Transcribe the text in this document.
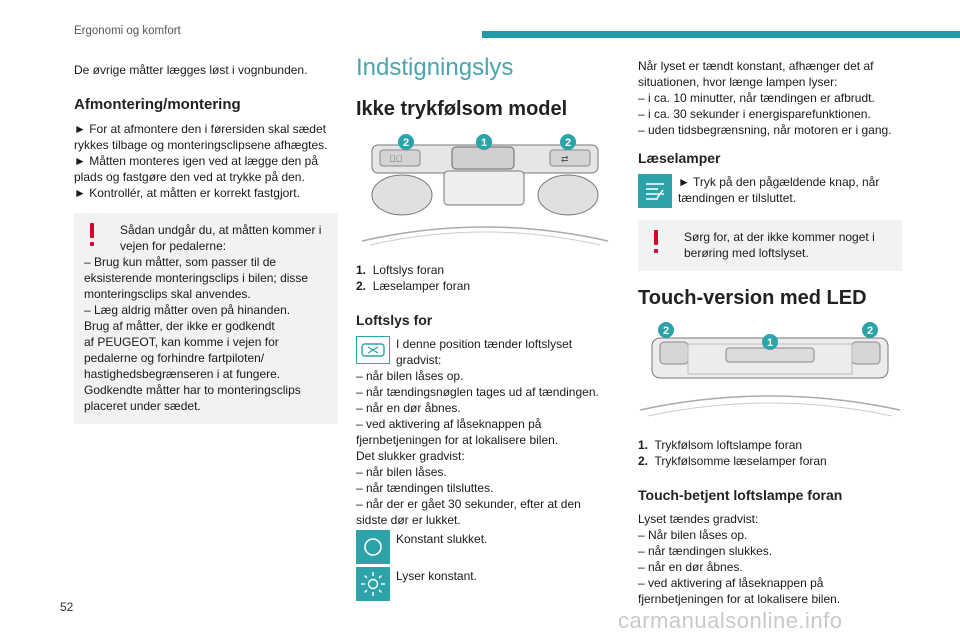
Ergonomi og komfort

De øvrige måtter lægges løst i vognbunden.

Afmontering/montering

► For at afmontere den i førersiden skal sædet

rykkes tilbage og monteringsclipsene afhægtes.

► Måtten monteres igen ved at lægge den på

plads og fastgøre den ved at trykke på den.

► Kontrollér, at måtten er korrekt fastgjort.

Sådan undgår du, at måtten kommer i

vejen for pedalerne:

– Brug kun måtter, som passer til de

eksisterende monteringsclips i bilen; disse

monteringsclips skal anvendes.

– Læg aldrig måtter oven på hinanden.

Brug af måtter, der ikke er godkendt

af PEUGEOT, kan komme i vejen for

pedalerne og forhindre fartpiloten/

hastighedsbegrænseren i at fungere.

Godkendte måtter har to monteringsclips

placeret under sædet.

Indstigningslys
Ikke trykfølsom model
≋⃝	⇄
2	1	2
1. Loftslys foran
2. Læselamper foran
Loftslys for

I denne position tænder loftslyset

gradvist:

– når bilen låses op.

– når tændingsnøglen tages ud af tændingen.

– når en dør åbnes.

– ved aktivering af låseknappen på

fjernbetjeningen for at lokalisere bilen.

Det slukker gradvist:

– når bilen låses.

– når tændingen tilsluttes.

– når der er gået 30 sekunder, efter at den

sidste dør er lukket.

Konstant slukket.

Lyser konstant.

Når lyset er tændt konstant, afhænger det af

situationen, hvor længe lampen lyser:

– i ca. 10 minutter, når tændingen er afbrudt.

– i ca. 30 sekunder i energisparefunktionen.

– uden tidsbegrænsning, når motoren er i gang.

Læselamper

► Tryk på den pågældende knap, når

tændingen er tilsluttet.

Sørg for, at der ikke kommer noget i

berøring med loftslyset.

Touch-version med LED
2
1
2
1. Trykfølsom loftslampe foran
2. Trykfølsomme læselamper foran
Touch-betjent loftslampe foran

Lyset tændes gradvist:

– Når bilen låses op.

– når tændingen slukkes.

– når en dør åbnes.

– ved aktivering af låseknappen på

fjernbetjeningen for at lokalisere bilen.

52
carmanualsonline.info
